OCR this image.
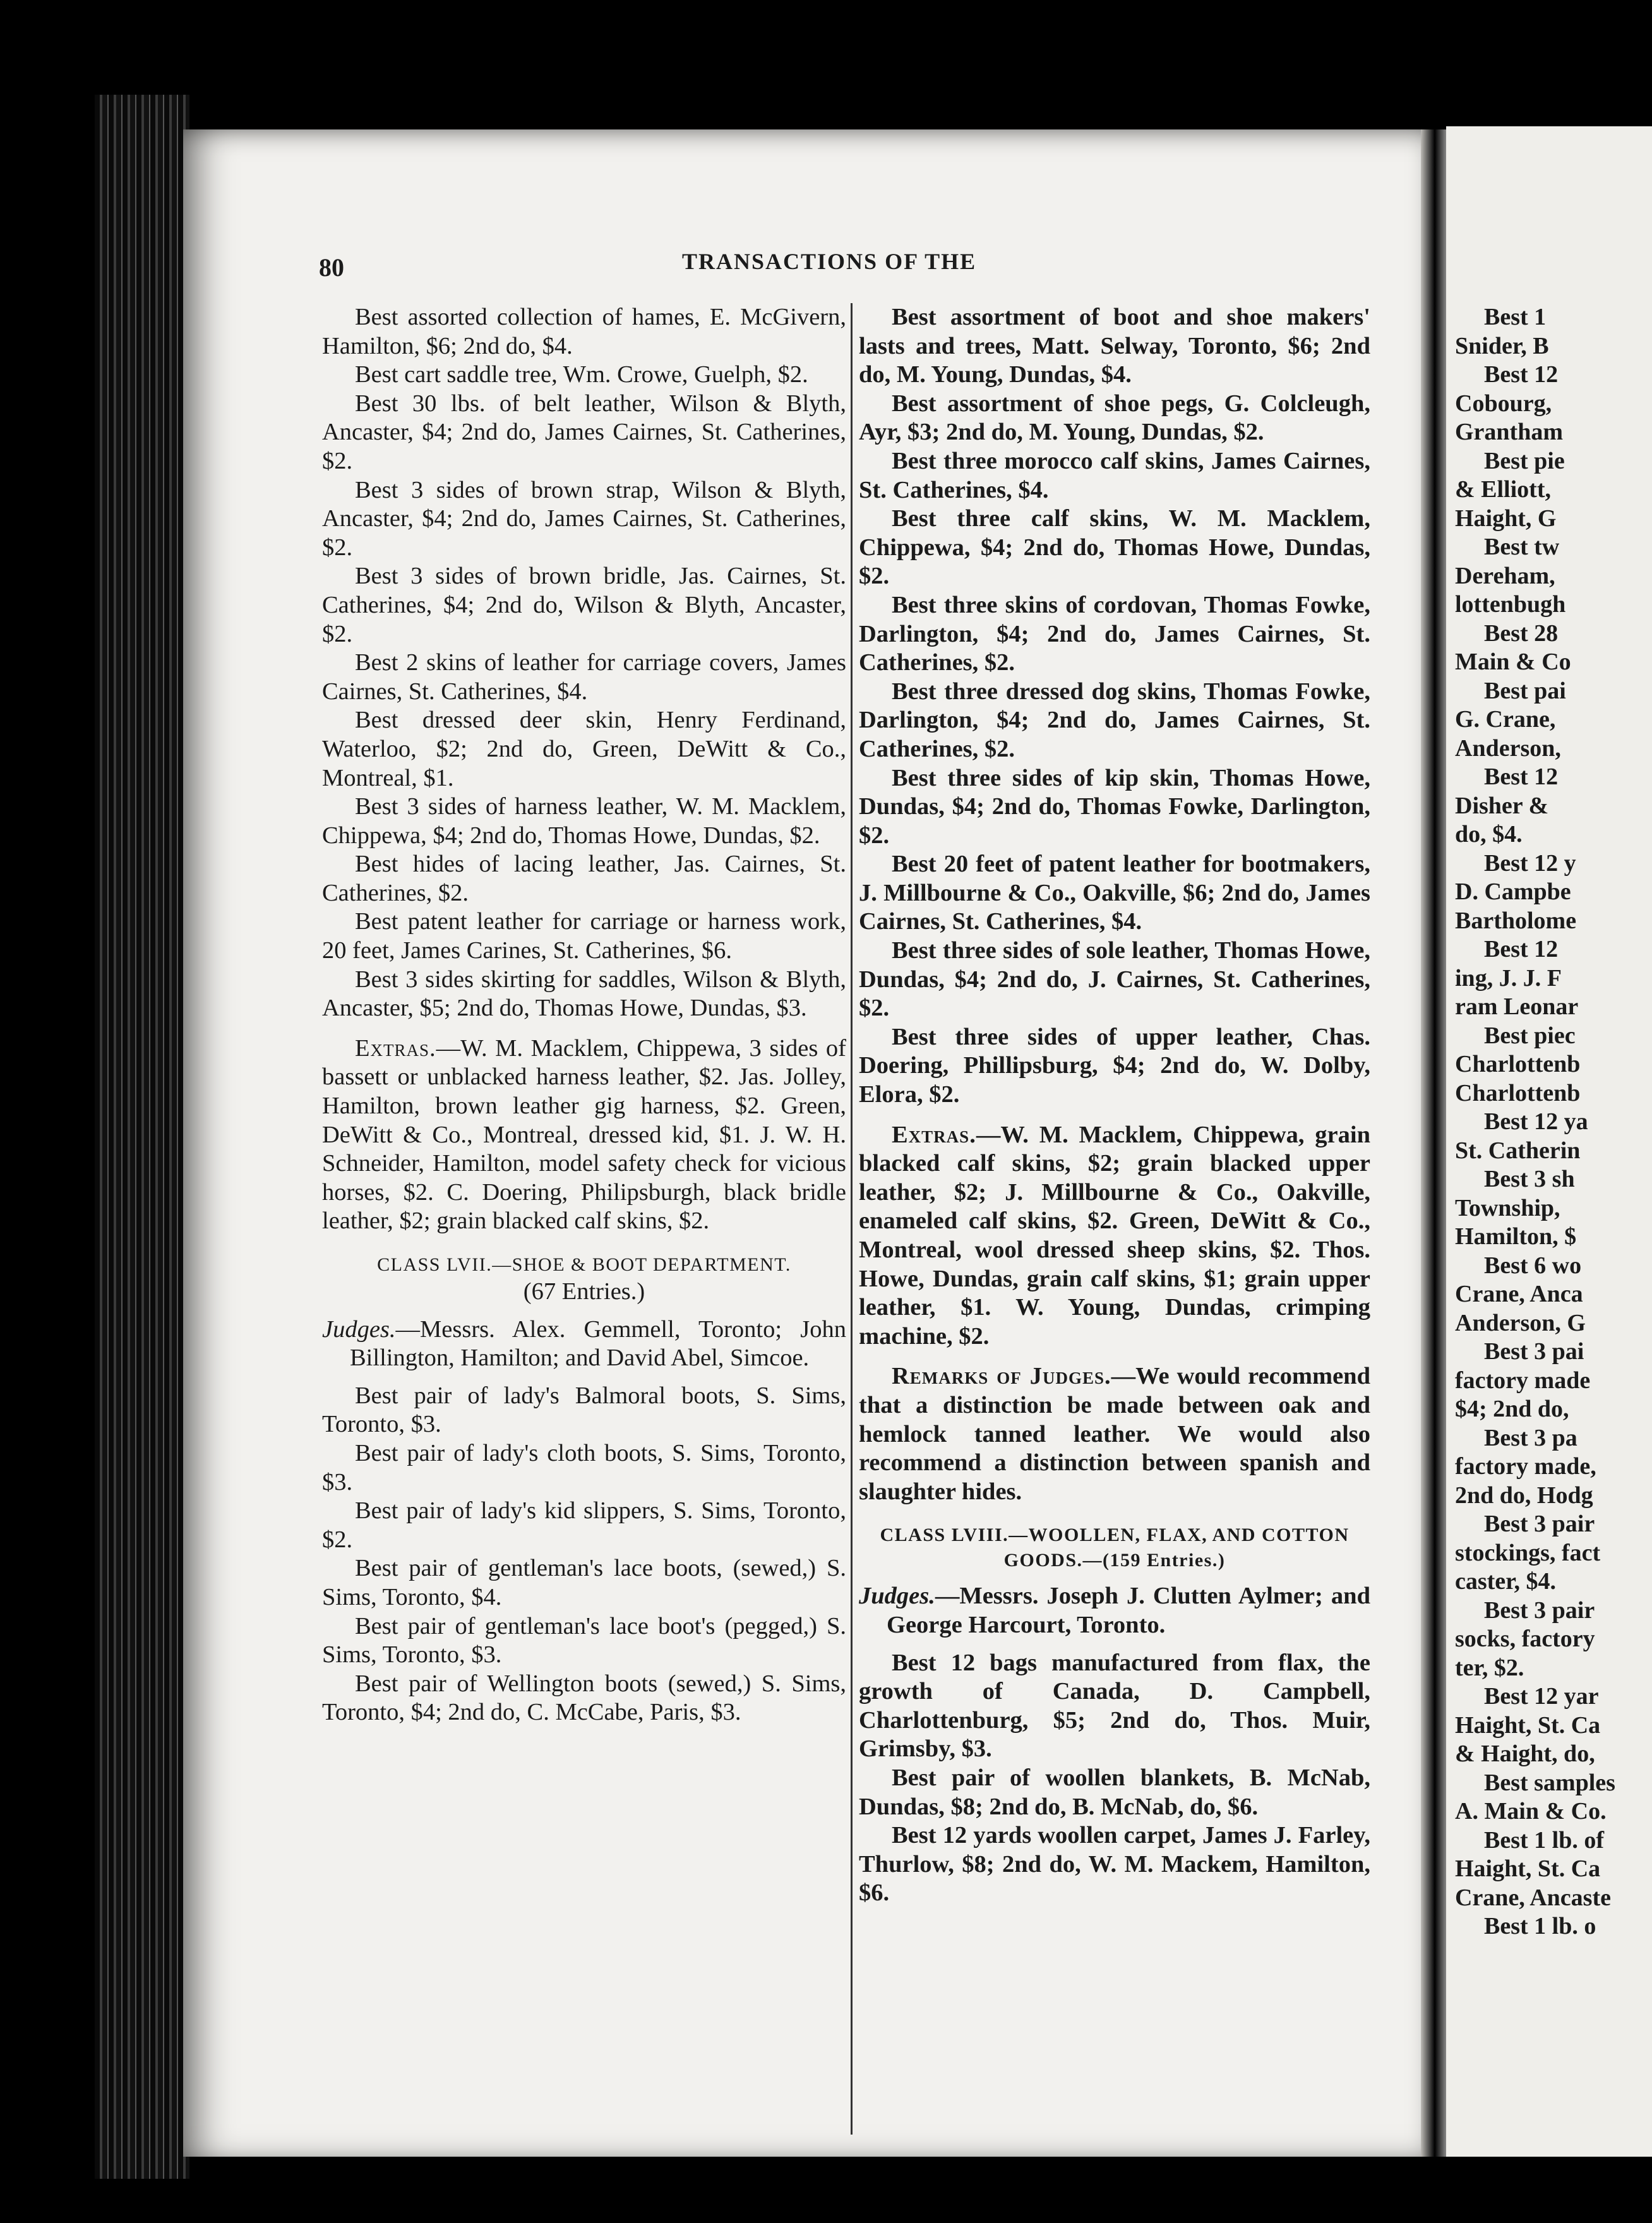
Best 1
Snider, B
Best 12
Cobourg,
Grantham
Best pie
& Elliott,
Haight, G
Best tw
Dereham,
lottenbugh
Best 28
Main & Co
Best pai
G. Crane,
Anderson,
Best 12
Disher &
do, $4.
Best 12 y
D. Campbe
Bartholome
Best 12
ing, J. J. F
ram Leonar
Best piec
Charlottenb
Charlottenb
Best 12 ya
St. Catherin
Best 3 sh
Township,
Hamilton, $
Best 6 wo
Crane, Anca
Anderson, G
Best 3 pai
factory made
$4; 2nd do,
Best 3 pa
factory made,
2nd do, Hodg
Best 3 pair
stockings, fact
caster, $4.
Best 3 pair
socks, factory
ter, $2.
Best 12 yar
Haight, St. Ca
& Haight, do,
Best samples
A. Main & Co.
Best 1 lb. of
Haight, St. Ca
Crane, Ancaste
Best 1 lb. o
80	TRANSACTIONS OF THE

Best assorted collection of hames, E. McGivern, Hamilton, $6; 2nd do, $4.

Best cart saddle tree, Wm. Crowe, Guelph, $2.

Best 30 lbs. of belt leather, Wilson & Blyth, Ancaster, $4; 2nd do, James Cairnes, St. Catherines, $2.

Best 3 sides of brown strap, Wilson & Blyth, Ancaster, $4; 2nd do, James Cairnes, St. Catherines, $2.

Best 3 sides of brown bridle, Jas. Cairnes, St. Catherines, $4; 2nd do, Wilson & Blyth, Ancaster, $2.

Best 2 skins of leather for carriage covers, James Cairnes, St. Catherines, $4.

Best dressed deer skin, Henry Ferdinand, Waterloo, $2; 2nd do, Green, DeWitt & Co., Montreal, $1.

Best 3 sides of harness leather, W. M. Macklem, Chippewa, $4; 2nd do, Thomas Howe, Dundas, $2.

Best hides of lacing leather, Jas. Cairnes, St. Catherines, $2.

Best patent leather for carriage or harness work, 20 feet, James Carines, St. Catherines, $6.

Best 3 sides skirting for saddles, Wilson & Blyth, Ancaster, $5; 2nd do, Thomas Howe, Dundas, $3.

Extras.—W. M. Macklem, Chippewa, 3 sides of bassett or unblacked harness leather, $2. Jas. Jolley, Hamilton, brown leather gig harness, $2. Green, DeWitt & Co., Montreal, dressed kid, $1. J. W. H. Schneider, Hamilton, model safety check for vicious horses, $2. C. Doering, Philipsburgh, black bridle leather, $2; grain blacked calf skins, $2.

CLASS LVII.—SHOE & BOOT DEPARTMENT.

(67 Entries.)

Judges.—Messrs. Alex. Gemmell, Toronto; John Billington, Hamilton; and David Abel, Simcoe.

Best pair of lady's Balmoral boots, S. Sims, Toronto, $3.

Best pair of lady's cloth boots, S. Sims, Toronto, $3.

Best pair of lady's kid slippers, S. Sims, Toronto, $2.

Best pair of gentleman's lace boots, (sewed,) S. Sims, Toronto, $4.

Best pair of gentleman's lace boot's (pegged,) S. Sims, Toronto, $3.

Best pair of Wellington boots (sewed,) S. Sims, Toronto, $4; 2nd do, C. McCabe, Paris, $3.

Best assortment of boot and shoe makers' lasts and trees, Matt. Selway, Toronto, $6; 2nd do, M. Young, Dundas, $4.

Best assortment of shoe pegs, G. Colcleugh, Ayr, $3; 2nd do, M. Young, Dundas, $2.

Best three morocco calf skins, James Cairnes, St. Catherines, $4.

Best three calf skins, W. M. Macklem, Chippewa, $4; 2nd do, Thomas Howe, Dundas, $2.

Best three skins of cordovan, Thomas Fowke, Darlington, $4; 2nd do, James Cairnes, St. Catherines, $2.

Best three dressed dog skins, Thomas Fowke, Darlington, $4; 2nd do, James Cairnes, St. Catherines, $2.

Best three sides of kip skin, Thomas Howe, Dundas, $4; 2nd do, Thomas Fowke, Darlington, $2.

Best 20 feet of patent leather for bootmakers, J. Millbourne & Co., Oakville, $6; 2nd do, James Cairnes, St. Catherines, $4.

Best three sides of sole leather, Thomas Howe, Dundas, $4; 2nd do, J. Cairnes, St. Catherines, $2.

Best three sides of upper leather, Chas. Doering, Phillipsburg, $4; 2nd do, W. Dolby, Elora, $2.

Extras.—W. M. Macklem, Chippewa, grain blacked calf skins, $2; grain blacked upper leather, $2; J. Millbourne & Co., Oakville, enameled calf skins, $2. Green, DeWitt & Co., Montreal, wool dressed sheep skins, $2. Thos. Howe, Dundas, grain calf skins, $1; grain upper leather, $1. W. Young, Dundas, crimping machine, $2.

Remarks of Judges.—We would recommend that a distinction be made between oak and hemlock tanned leather. We would also recommend a distinction between spanish and slaughter hides.

CLASS LVIII.—WOOLLEN, FLAX, AND COTTON GOODS.—(159 Entries.)

Judges.—Messrs. Joseph J. Clutten Aylmer; and George Harcourt, Toronto.

Best 12 bags manufactured from flax, the growth of Canada, D. Campbell, Charlottenburg, $5; 2nd do, Thos. Muir, Grimsby, $3.

Best pair of woollen blankets, B. McNab, Dundas, $8; 2nd do, B. McNab, do, $6.

Best 12 yards woollen carpet, James J. Farley, Thurlow, $8; 2nd do, W. M. Mackem, Hamilton, $6.
